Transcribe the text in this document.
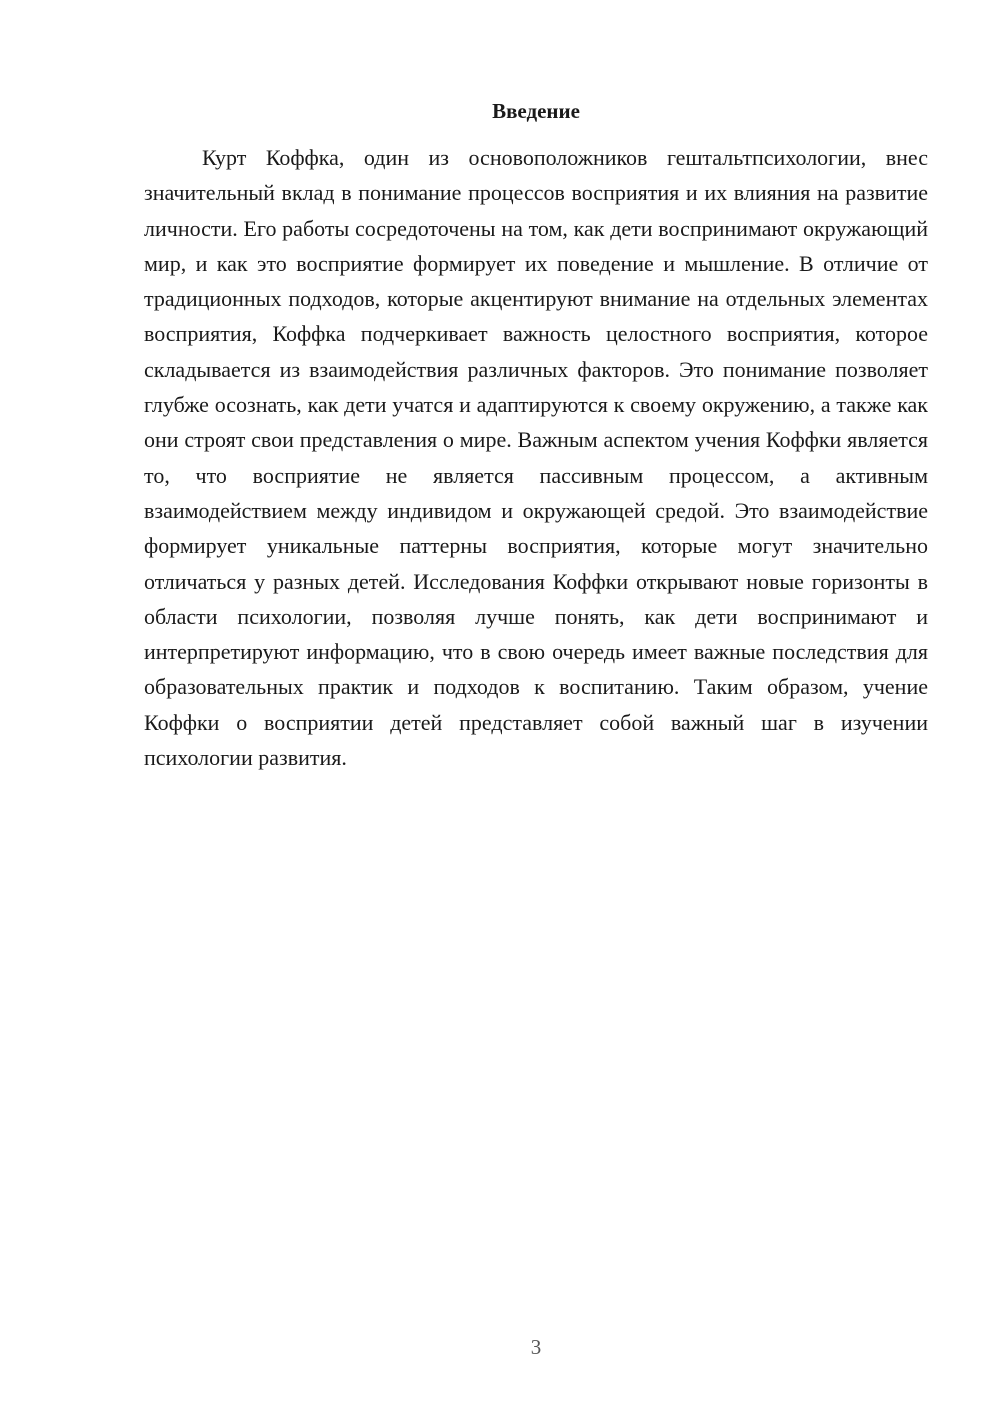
Введение

Курт Коффка, один из основоположников гештальтпсихологии, внес значительный вклад в понимание процессов восприятия и их влияния на развитие личности. Его работы сосредоточены на том, как дети воспринимают окружающий мир, и как это восприятие формирует их поведение и мышление. В отличие от традиционных подходов, которые акцентируют внимание на отдельных элементах восприятия, Коффка подчеркивает важность целостного восприятия, которое складывается из взаимодействия различных факторов. Это понимание позволяет глубже осознать, как дети учатся и адаптируются к своему окружению, а также как они строят свои представления о мире. Важным аспектом учения Коффки является то, что восприятие не является пассивным процессом, а активным взаимодействием между индивидом и окружающей средой. Это взаимодействие формирует уникальные паттерны восприятия, которые могут значительно отличаться у разных детей. Исследования Коффки открывают новые горизонты в области психологии, позволяя лучше понять, как дети воспринимают и интерпретируют информацию, что в свою очередь имеет важные последствия для образовательных практик и подходов к воспитанию. Таким образом, учение Коффки о восприятии детей представляет собой важный шаг в изучении психологии развития.

3
